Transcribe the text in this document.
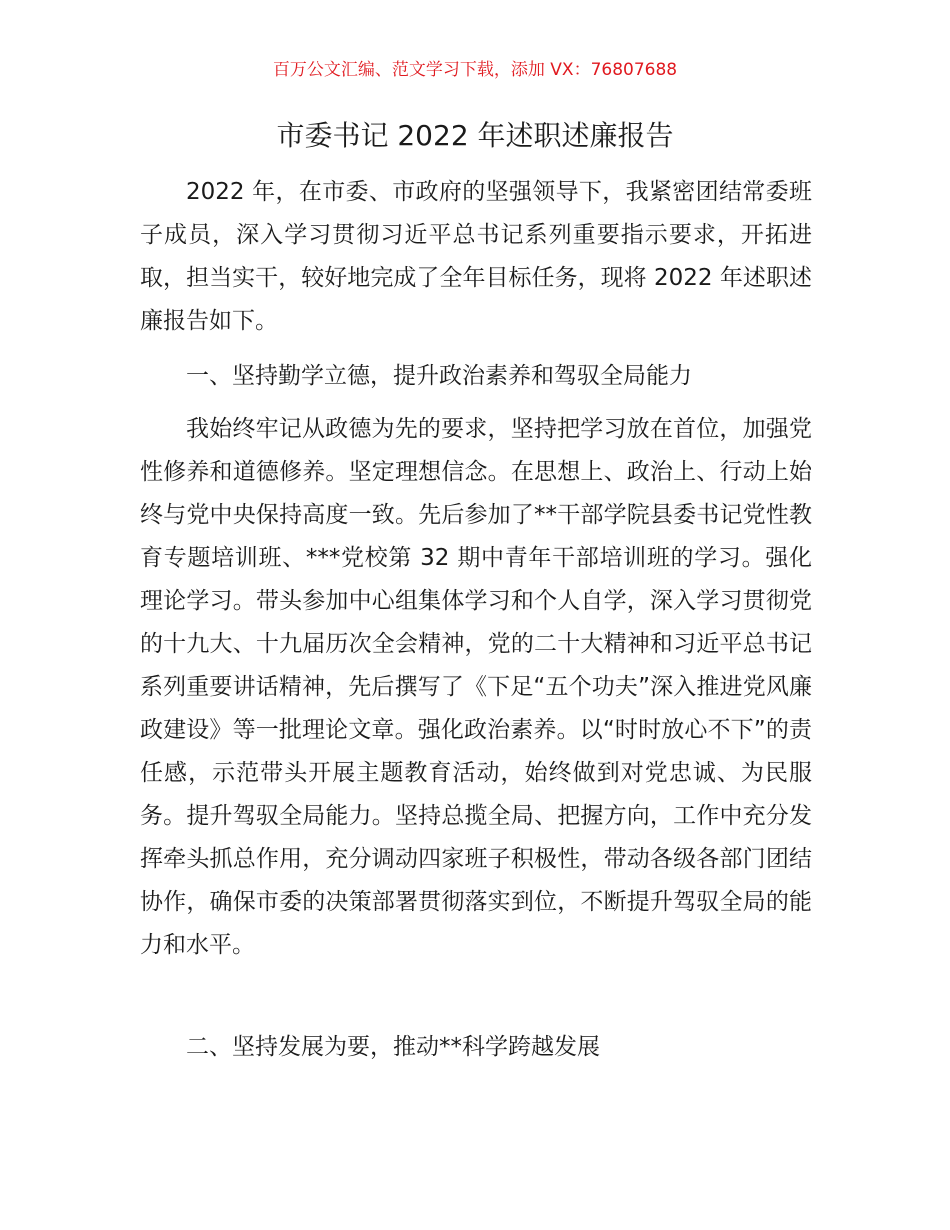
百万公文汇编、范文学习下载，添加 VX：76807688
市委书记 2022 年述职述廉报告

2022 年，在市委、市政府的坚强领导下，我紧密团结常委班子成员，深入学习贯彻习近平总书记系列重要指示要求，开拓进取，担当实干，较好地完成了全年目标任务，现将 2022 年述职述廉报告如下。

一、坚持勤学立德，提升政治素养和驾驭全局能力

我始终牢记从政德为先的要求，坚持把学习放在首位，加强党性修养和道德修养。坚定理想信念。在思想上、政治上、行动上始终与党中央保持高度一致。先后参加了**干部学院县委书记党性教育专题培训班、***党校第 32 期中青年干部培训班的学习。强化理论学习。带头参加中心组集体学习和个人自学，深入学习贯彻党的十九大、十九届历次全会精神，党的二十大精神和习近平总书记系列重要讲话精神，先后撰写了《下足“五个功夫”深入推进党风廉政建设》等一批理论文章。强化政治素养。以“时时放心不下”的责任感，示范带头开展主题教育活动，始终做到对党忠诚、为民服务。提升驾驭全局能力。坚持总揽全局、把握方向，工作中充分发挥牵头抓总作用，充分调动四家班子积极性，带动各级各部门团结协作，确保市委的决策部署贯彻落实到位，不断提升驾驭全局的能力和水平。

二、坚持发展为要，推动**科学跨越发展
